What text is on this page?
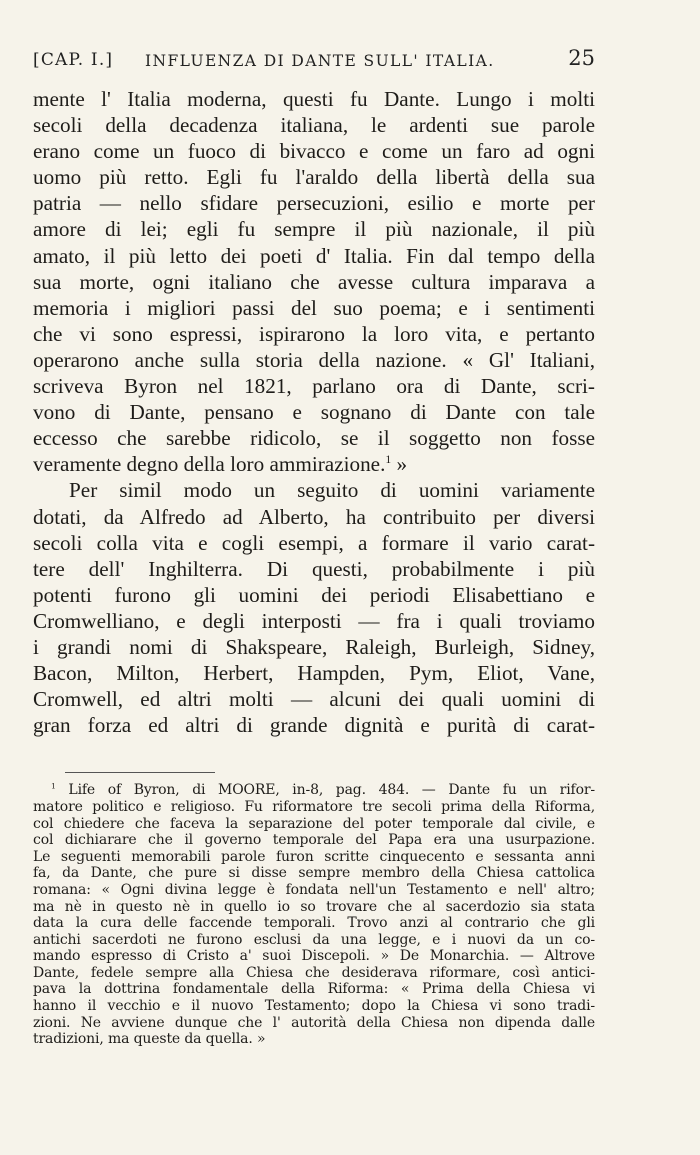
[CAP. I.] INFLUENZA DI DANTE SULL' ITALIA.	25
mente l' Italia moderna, questi fu Dante. Lungo i molti
secoli della decadenza italiana, le ardenti sue parole
erano come un fuoco di bivacco e come un faro ad ogni
uomo più retto. Egli fu l'araldo della libertà della sua
patria — nello sfidare persecuzioni, esilio e morte per
amore di lei; egli fu sempre il più nazionale, il più
amato, il più letto dei poeti d' Italia. Fin dal tempo della
sua morte, ogni italiano che avesse cultura imparava a
memoria i migliori passi del suo poema; e i sentimenti
che vi sono espressi, ispirarono la loro vita, e pertanto
operarono anche sulla storia della nazione. « Gl' Italiani,
scriveva Byron nel 1821, parlano ora di Dante, scri-
vono di Dante, pensano e sognano di Dante con tale
eccesso che sarebbe ridicolo, se il soggetto non fosse
veramente degno della loro ammirazione.$^1$ »
Per simil modo un seguito di uomini variamente
dotati, da Alfredo ad Alberto, ha contribuito per diversi
secoli colla vita e cogli esempi, a formare il vario carat-
tere dell' Inghilterra. Di questi, probabilmente i più
potenti furono gli uomini dei periodi Elisabettiano e
Cromwelliano, e degli interposti — fra i quali troviamo
i grandi nomi di Shakspeare, Raleigh, Burleigh, Sidney,
Bacon, Milton, Herbert, Hampden, Pym, Eliot, Vane,
Cromwell, ed altri molti — alcuni dei quali uomini di
gran forza ed altri di grande dignità e purità di carat-
$^1$ Life of Byron, di MOORE, in-8, pag. 484. — Dante fu un rifor-
matore politico e religioso. Fu riformatore tre secoli prima della Riforma,
col chiedere che faceva la separazione del poter temporale dal civile, e
col dichiarare che il governo temporale del Papa era una usurpazione.
Le seguenti memorabili parole furon scritte cinquecento e sessanta anni
fa, da Dante, che pure si disse sempre membro della Chiesa cattolica
romana: « Ogni divina legge è fondata nell'un Testamento e nell' altro;
ma nè in questo nè in quello io so trovare che al sacerdozio sia stata
data la cura delle faccende temporali. Trovo anzi al contrario che gli
antichi sacerdoti ne furono esclusi da una legge, e i nuovi da un co-
mando espresso di Cristo a' suoi Discepoli. » De Monarchia. — Altrove
Dante, fedele sempre alla Chiesa che desiderava riformare, così antici-
pava la dottrina fondamentale della Riforma: « Prima della Chiesa vi
hanno il vecchio e il nuovo Testamento; dopo la Chiesa vi sono tradi-
zioni. Ne avviene dunque che l' autorità della Chiesa non dipenda dalle
tradizioni, ma queste da quella. »
